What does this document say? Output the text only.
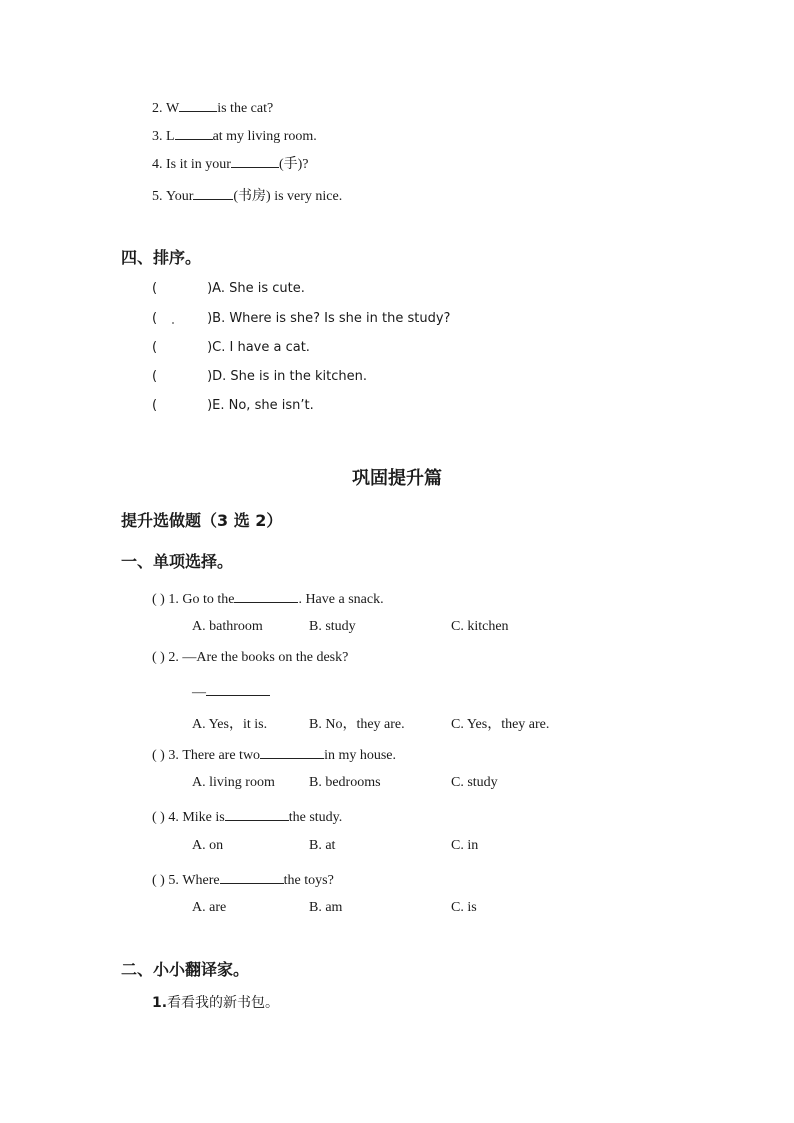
2.
W	is the cat?
3.
L	at my living room.
4.
Is it in your	(手)?
5.
Your	(书房) is very nice.
四、排序。
(	)A. She is cute.
(	)B. Where is she? Is she in the study?
(	)C. I have a cat.
(	)D. She is in the kitchen.
(	)E. No, she isn’t.
巩固提升篇
提升选做题（3 选 2）
一、单项选择。
( )
1.
Go to the	. Have a snack.
A. bathroom	B. study	C. kitchen
( )
2.
—Are the books on the desk?
—
A. Yes，it is.	B. No，they are.	C. Yes，they are.
( )
3.
There are two	in my house.
A. living room B. bedrooms	C. study
( )
4.
Mike is	the study.
A. on	B. at	C. in
( )
5.
Where	the toys?
A. are	B. am	C. is
二、小小翻译家。
1.看看我的新书包。
